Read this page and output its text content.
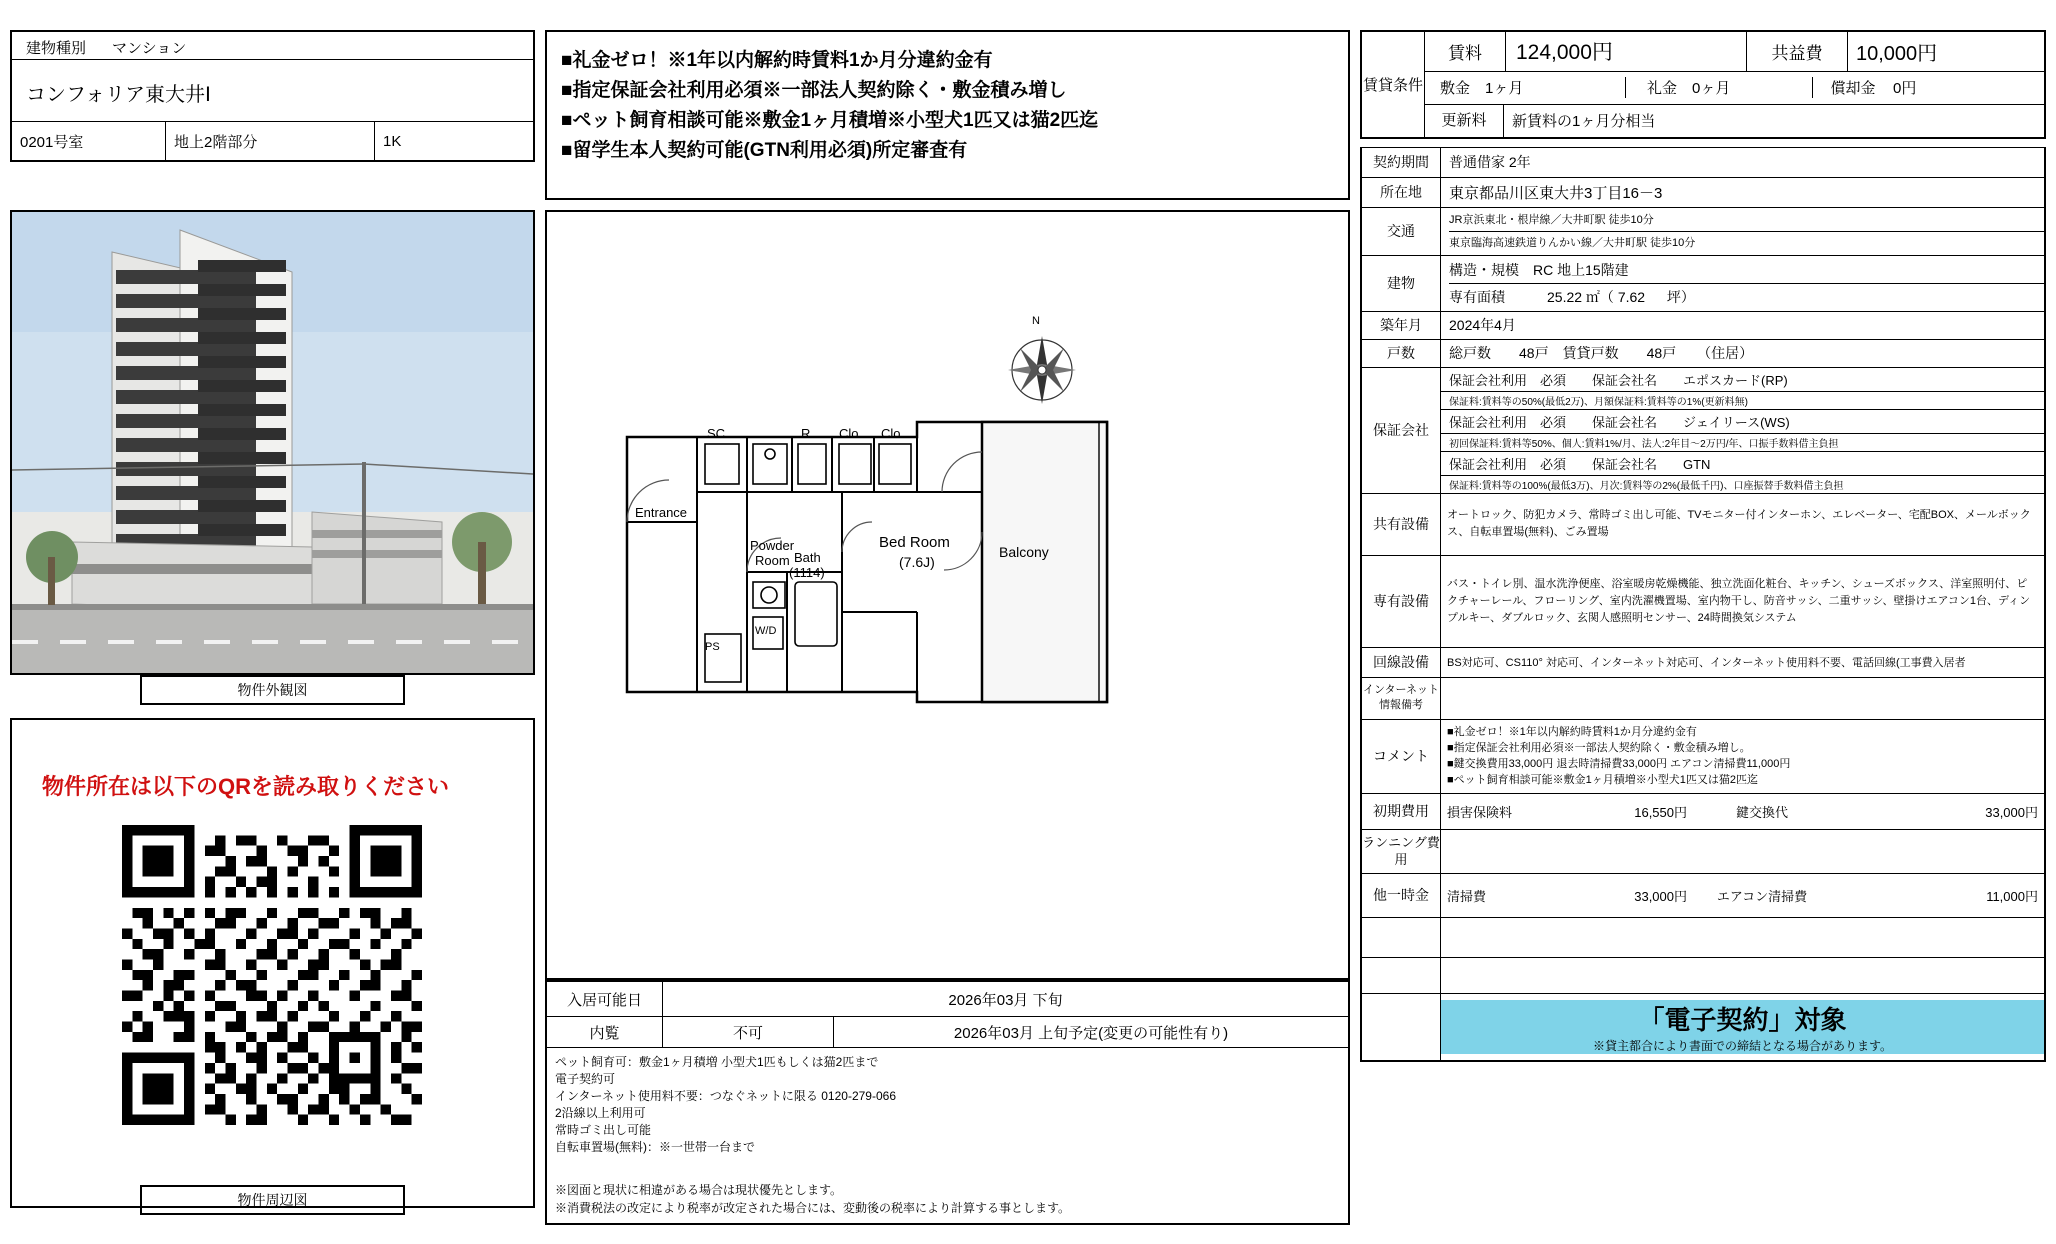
建物種別 マンション
コンフォリア東大井Ⅰ
0201号室	地上2階部分	1K
物件外観図
物件所在は以下のQRを読み取りください
物件周辺図
■礼金ゼロ！※1年以内解約時賃料1か月分違約金有
■指定保証会社利用必須※一部法人契約除く・敷金積み増し
■ペット飼育相談可能※敷金1ヶ月積増※小型犬1匹又は猫2匹迄
■留学生本人契約可能(GTN利用必須)所定審査有
N
SC	R Clo. Clo.
Entrance
Powder
Room Bath
(1114)
W/D
PS
Bed Room
(7.6J)
Balcony
入居可能日	2026年03月 下旬
内覧	不可	2026年03月 上旬予定(変更の可能性有り)
ペット飼育可：敷金1ヶ月積増 小型犬1匹もしくは猫2匹まで
電子契約可
インターネット使用料不要：つなぐネットに限る 0120-279-066
2沿線以上利用可
常時ゴミ出し可能
自転車置場(無料)：※一世帯一台まで
※図面と現状に相違がある場合は現状優先とします。
※消費税法の改定により税率が改定された場合には、変動後の税率により計算する事とします。
賃貸条件	賃料	124,000円	共益費	10,000円

敷金	1ヶ月	礼金	0ヶ月	償却金	0円

更新料	新賃料の1ヶ月分相当
契約期間	普通借家 2年
所在地	東京都品川区東大井3丁目16－3
交通	JR京浜東北・根岸線／大井町駅 徒歩10分
東京臨海高速鉄道りんかい線／大井町駅 徒歩10分

建物	構造・規模　RC 地上15階建
専有面積　　　25.22 ㎡（ 7.62 　 坪）

築年月	2024年4月
戸数	総戸数　　48戸　賃貸戸数　　48戸　　（住居）
保証会社	
保証会社利用　必須　　保証会社名　　エポスカード(RP)
保証料:賃料等の50%(最低2万)、月額保証料:賃料等の1%(更新料無)
保証会社利用　必須　　保証会社名　　ジェイリース(WS)
初回保証料:賃料等50%、個人:賃料1%/月、法人:2年目～2万円/年、口振手数料借主負担
保証会社利用　必須　　保証会社名　　GTN
保証料:賃料等の100%(最低3万)、月次:賃料等の2%(最低千円)、口座振替手数料借主負担

共有設備	オートロック、防犯カメラ、常時ゴミ出し可能、TVモニター付インターホン、エレベーター、宅配BOX、メールボックス、自転車置場(無料)、ごみ置場
専有設備	バス・トイレ別、温水洗浄便座、浴室暖房乾燥機能、独立洗面化粧台、キッチン、シューズボックス、洋室照明付、ピクチャーレール、フローリング、室内洗濯機置場、室内物干し、防音サッシ、二重サッシ、壁掛けエアコン1台、ディンプルキー、ダブルロック、玄関人感照明センサー、24時間換気システム
回線設備	BS対応可、CS110° 対応可、インターネット対応可、インターネット使用料不要、電話回線(工事費入居者
インターネット情報備考	
コメント	■礼金ゼロ！※1年以内解約時賃料1か月分違約金有
■指定保証会社利用必須※一部法人契約除く・敷金積み増し。
■鍵交換費用33,000円 退去時清掃費33,000円 エアコン清掃費11,000円
■ペット飼育相談可能※敷金1ヶ月積増※小型犬1匹又は猫2匹迄

初期費用	損害保険料 16,550円 鍵交換代 33,000円

ランニング費用	
他一時金	清掃費 33,000円 エアコン清掃費 11,000円

	「電子契約」対象
※貸主都合により書面での締結となる場合があります。
